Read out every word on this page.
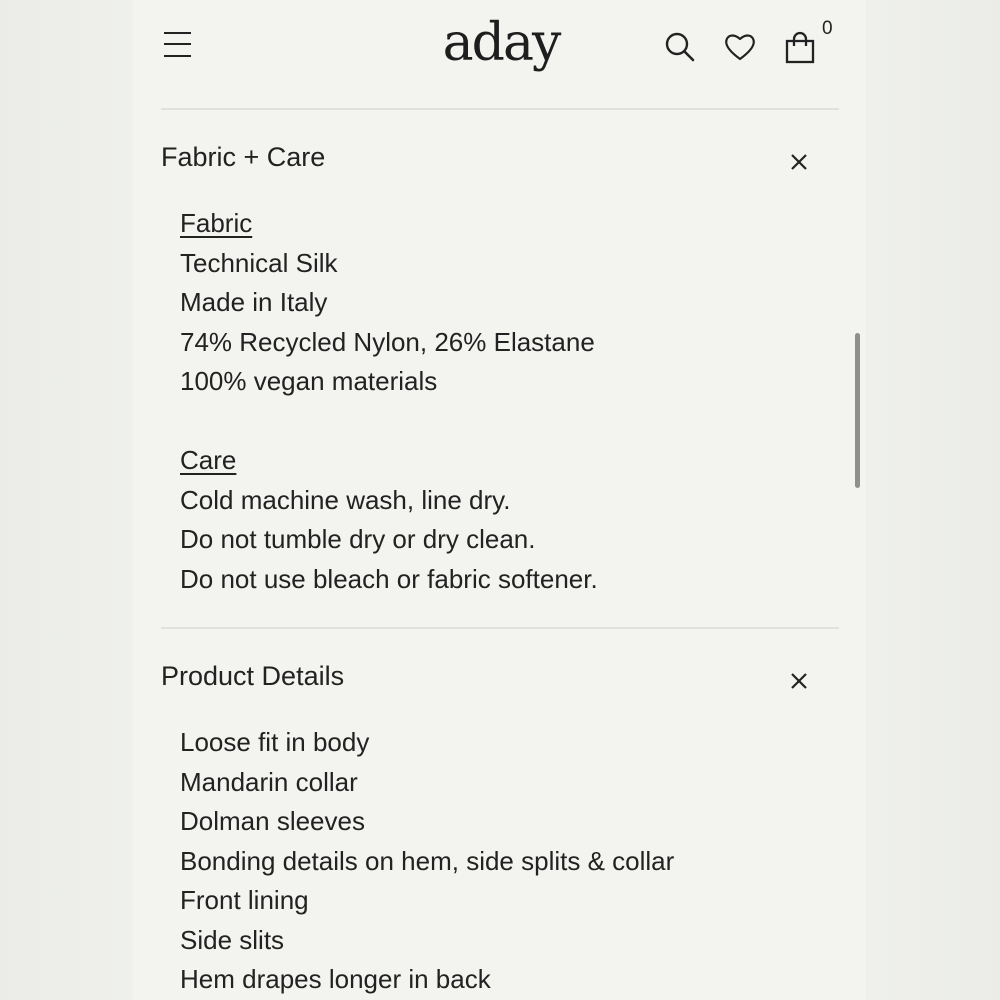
aday	0
Fabric + Care
Fabric
Technical Silk
Made in Italy
74% Recycled Nylon, 26% Elastane
100% vegan materials
Care
Cold machine wash, line dry.
Do not tumble dry or dry clean.
Do not use bleach or fabric softener.
Product Details
Loose fit in body
Mandarin collar
Dolman sleeves
Bonding details on hem, side splits & collar
Front lining
Side slits
Hem drapes longer in back
